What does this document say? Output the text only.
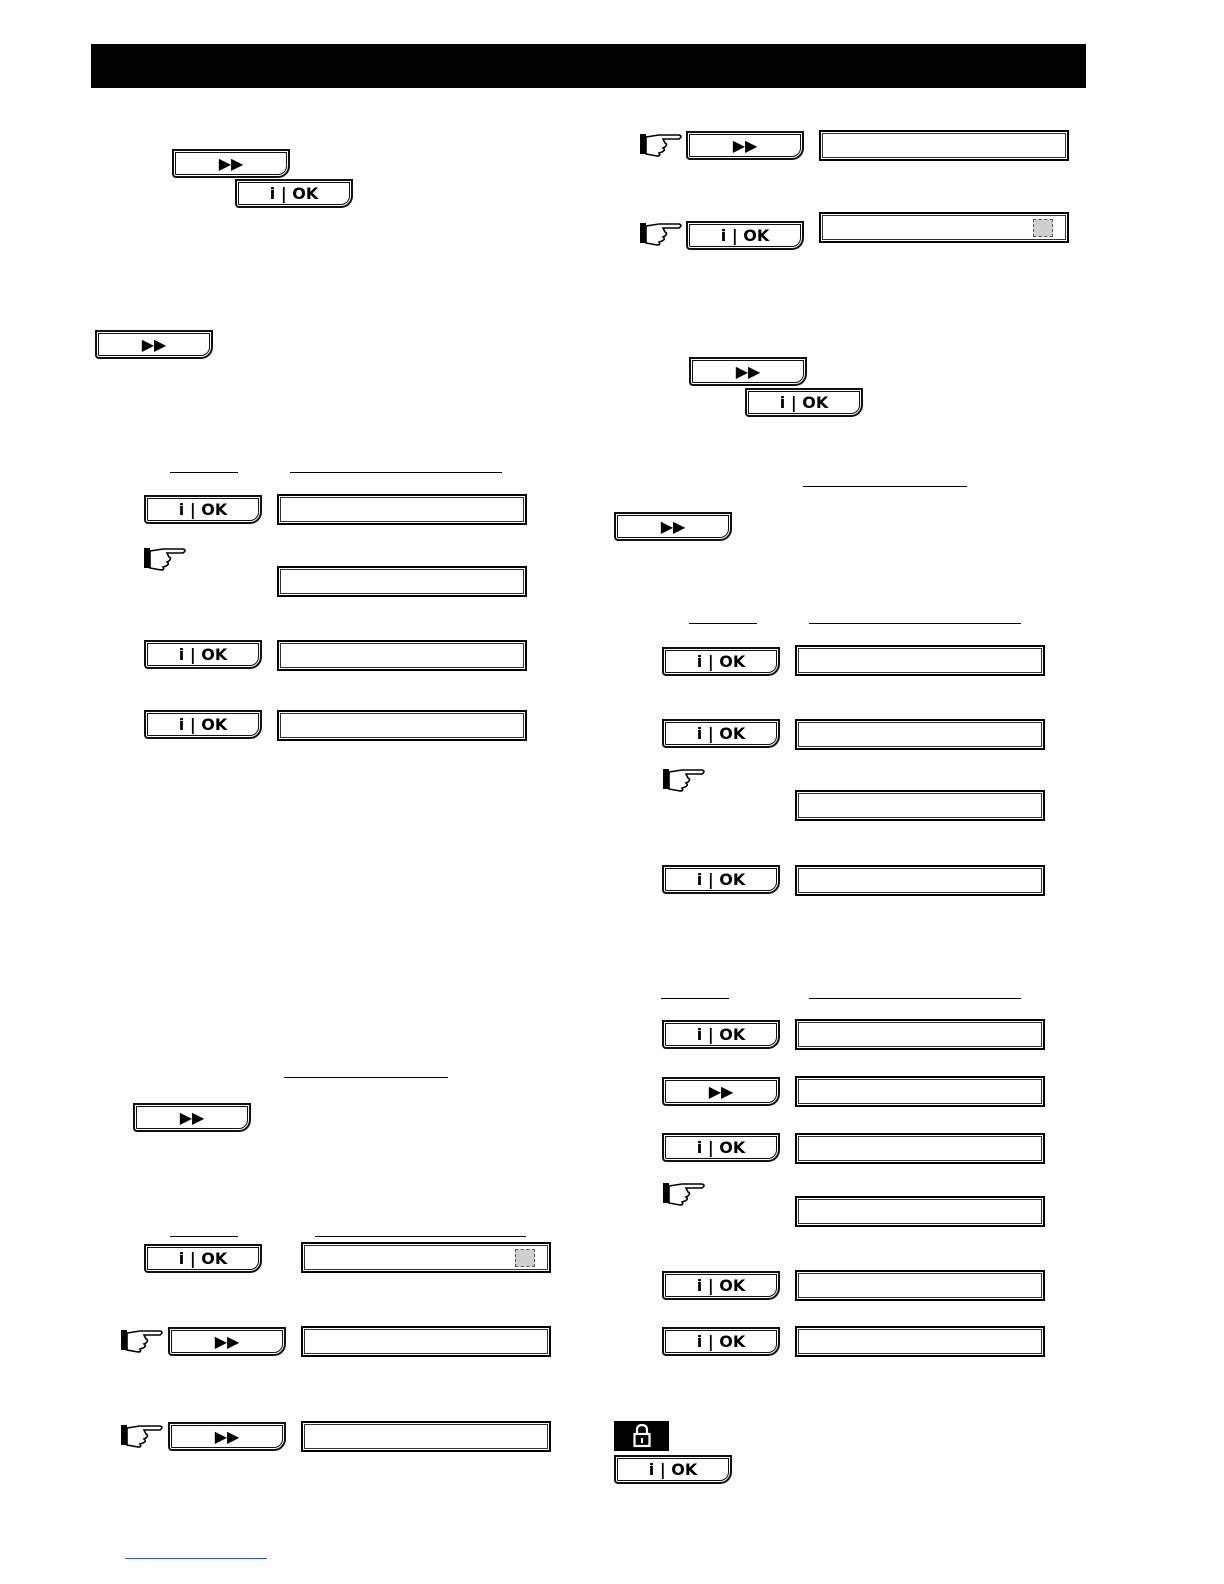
▶▶
i | OK
▶▶
i | OK
i | OK
i | OK
▶▶
i | OK
▶▶
▶▶
▶▶
i | OK
▶▶
i | OK
▶▶
i | OK
i | OK
i | OK
i | OK
▶▶
i | OK
i | OK
i | OK
i | OK
